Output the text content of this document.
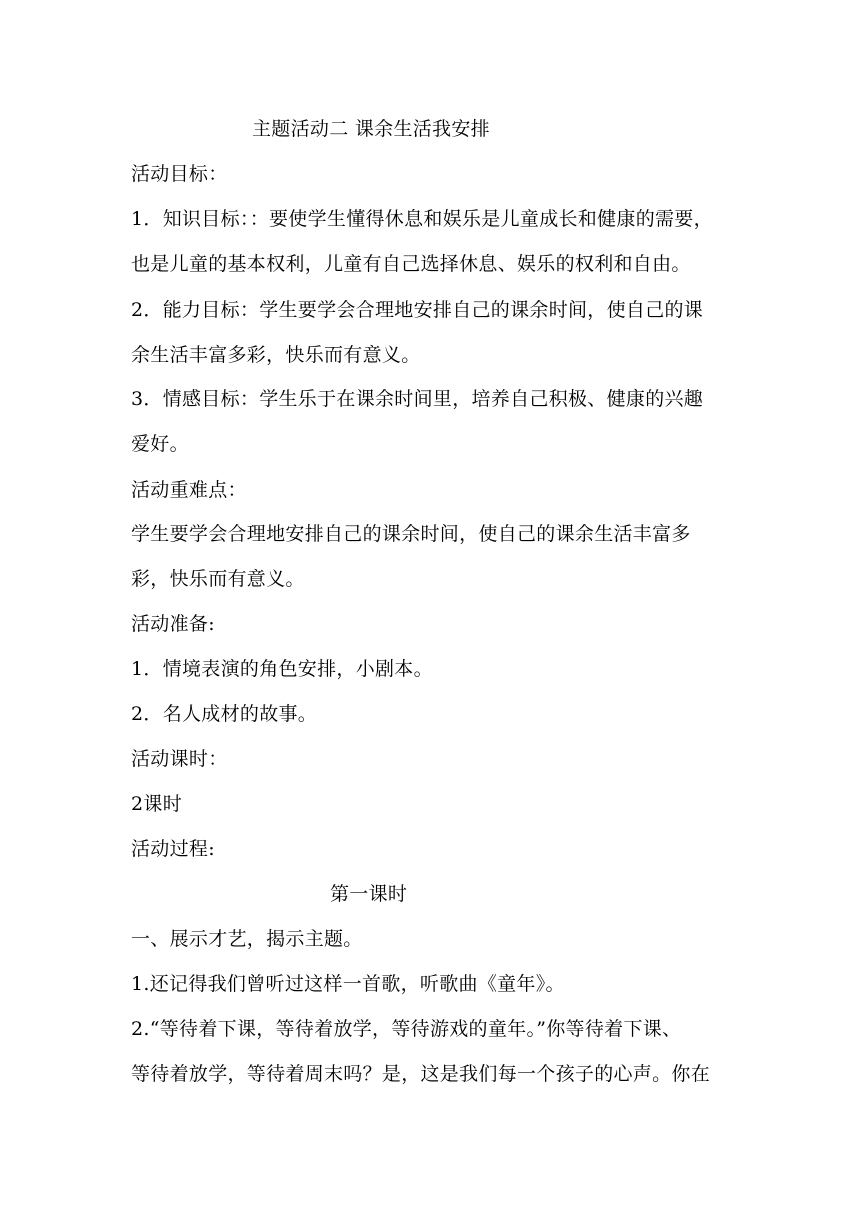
主题活动二 课余生活我安排
活动目标：
1．知识目标：：要使学生懂得休息和娱乐是儿童成长和健康的需要，
也是儿童的基本权利，儿童有自己选择休息、娱乐的权利和自由。
2．能力目标：学生要学会合理地安排自己的课余时间，使自己的课
余生活丰富多彩，快乐而有意义。
3．情感目标：学生乐于在课余时间里，培养自己积极、健康的兴趣
爱好。
活动重难点：
学生要学会合理地安排自己的课余时间，使自己的课余生活丰富多
彩，快乐而有意义。
活动准备:
1．情境表演的角色安排，小剧本。
2．名人成材的故事。
活动课时：
2课时
活动过程:
第一课时
一、展示才艺，揭示主题。
1.还记得我们曾听过这样一首歌，听歌曲《童年》。
2.“等待着下课，等待着放学，等待游戏的童年。”你等待着下课、
等待着放学，等待着周末吗？是，这是我们每一个孩子的心声。你在
